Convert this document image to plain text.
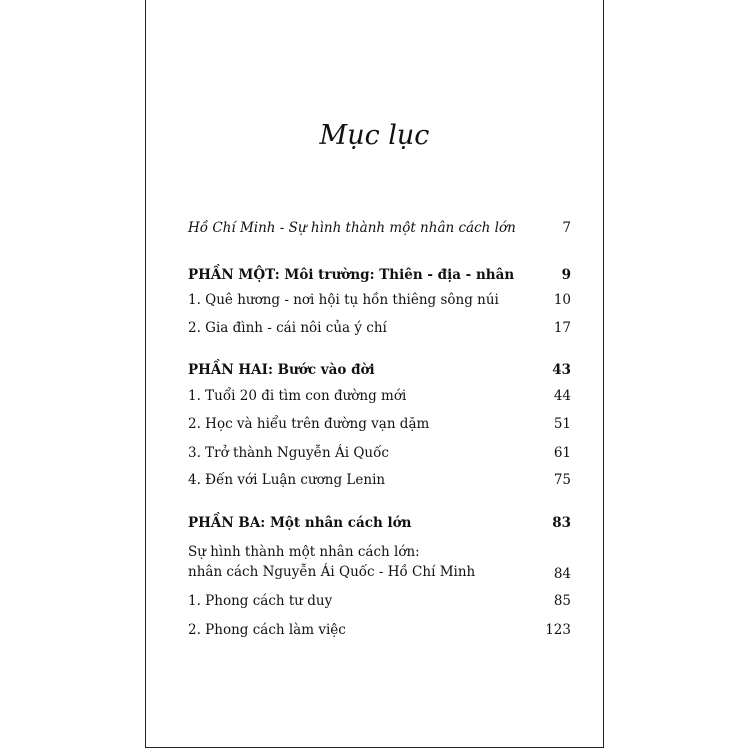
Mục lục
Hồ Chí Minh - Sự hình thành một nhân cách lớn	7
PHẦN MỘT: Môi trường: Thiên - địa - nhân	9
1. Quê hương - nơi hội tụ hồn thiêng sông núi	10
2. Gia đình - cái nôi của ý chí	17
PHẦN HAI: Bước vào đời	43
1. Tuổi 20 đi tìm con đường mới	44
2. Học và hiểu trên đường vạn dặm	51
3. Trở thành Nguyễn Ái Quốc	61
4. Đến với Luận cương Lenin	75
PHẦN BA: Một nhân cách lớn	83
Sự hình thành một nhân cách lớn:
nhân cách Nguyễn Ái Quốc - Hồ Chí Minh	84
1. Phong cách tư duy	85
2. Phong cách làm việc	123
